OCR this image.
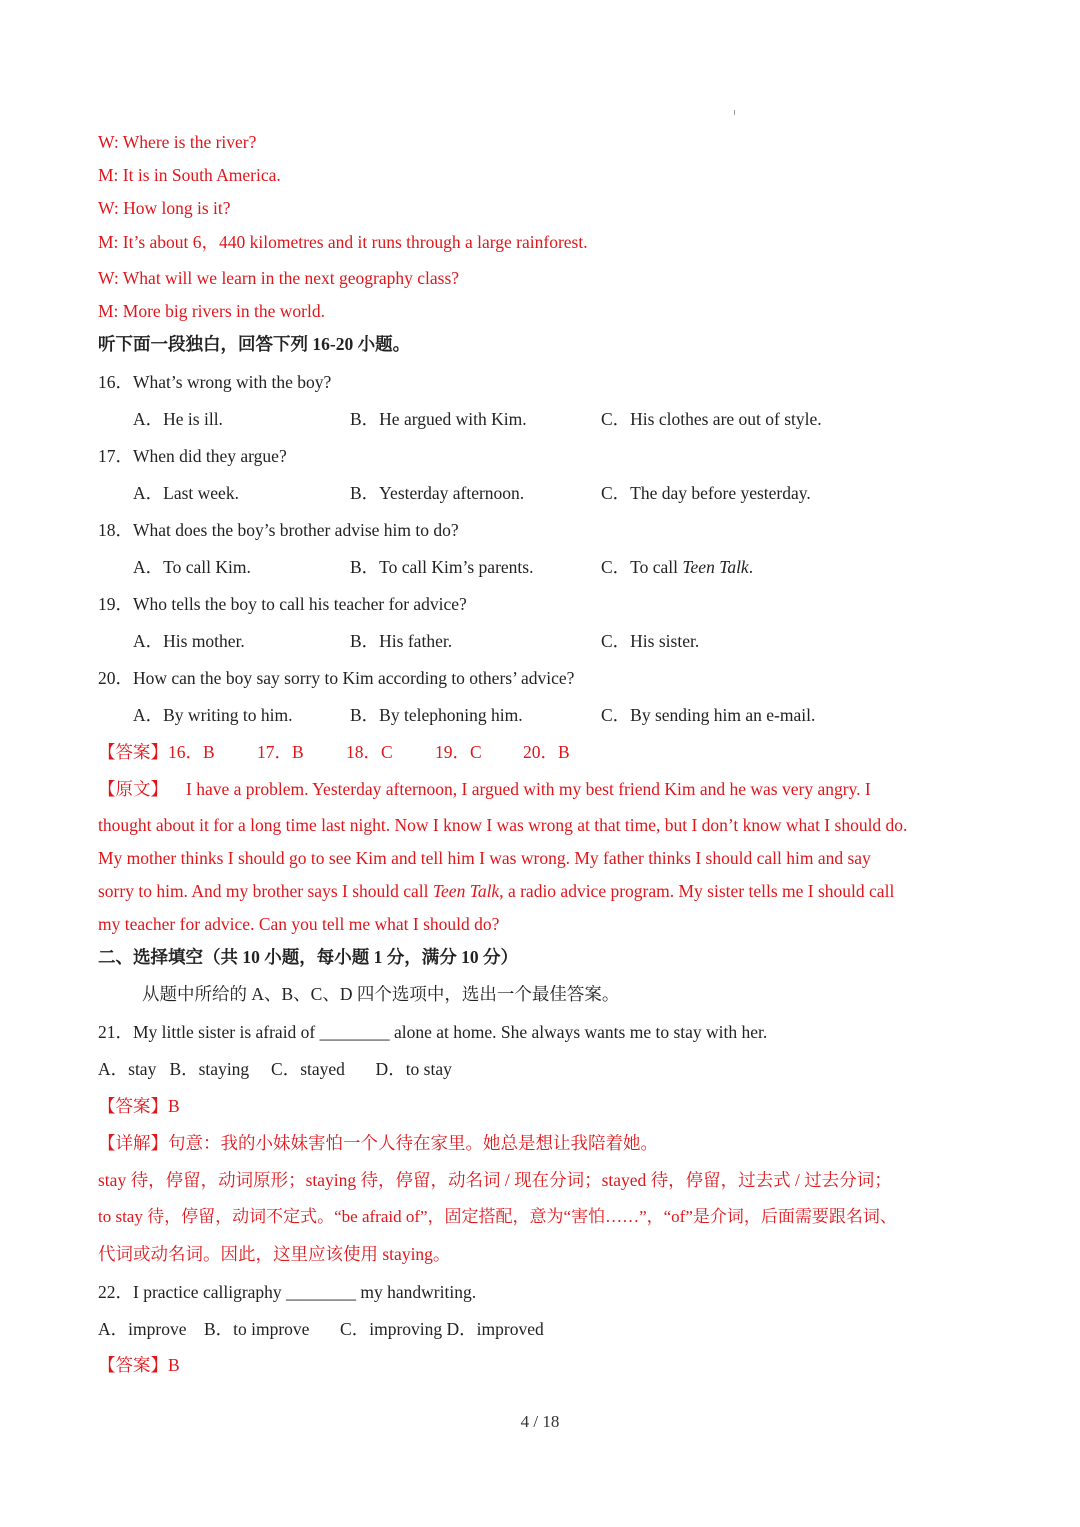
W: Where is the river?
M: It is in South America.
W: How long is it?
M: It’s about 6，440 kilometres and it runs through a large rainforest.
W: What will we learn in the next geography class?
M: More big rivers in the world.
听下面一段独白，回答下列 16-20 小题。
16．What’s wrong with the boy?
A．He is ill.	B．He argued with Kim.	C．His clothes are out of style.
17．When did they argue?
A．Last week.	B．Yesterday afternoon.	C．The day before yesterday.
18．What does the boy’s brother advise him to do?
A．To call Kim.	B．To call Kim’s parents.	C．To call Teen Talk.
19．Who tells the boy to call his teacher for advice?
A．His mother.	B．His father.	C．His sister.
20．How can the boy say sorry to Kim according to others’ advice?
A．By writing to him.	B．By telephoning him.	C．By sending him an e-mail.
【答案】16．B 17．B 18．C 19．C 20．B
【原文】 I have a problem. Yesterday afternoon, I argued with my best friend Kim and he was very angry. I
thought about it for a long time last night. Now I know I was wrong at that time, but I don’t know what I should do.
My mother thinks I should go to see Kim and tell him I was wrong. My father thinks I should call him and say
sorry to him. And my brother says I should call Teen Talk, a radio advice program. My sister tells me I should call
my teacher for advice. Can you tell me what I should do?
二、选择填空（共 10 小题，每小题 1 分，满分 10 分）
从题中所给的 A、B、C、D 四个选项中，选出一个最佳答案。
21．My little sister is afraid of ________ alone at home. She always wants me to stay with her.
A．stay   B．staying     C．stayed       D．to stay
【答案】B
【详解】句意：我的小妹妹害怕一个人待在家里。她总是想让我陪着她。
stay 待，停留，动词原形；staying 待，停留，动名词 / 现在分词；stayed 待，停留，过去式 / 过去分词；
to stay 待，停留，动词不定式。“be afraid of”，固定搭配，意为“害怕……”，“of”是介词，后面需要跟名词、
代词或动名词。因此，这里应该使用 staying。
22．I practice calligraphy ________ my handwriting.
A．improve    B．to improve       C．improving D．improved
【答案】B
4 / 18
